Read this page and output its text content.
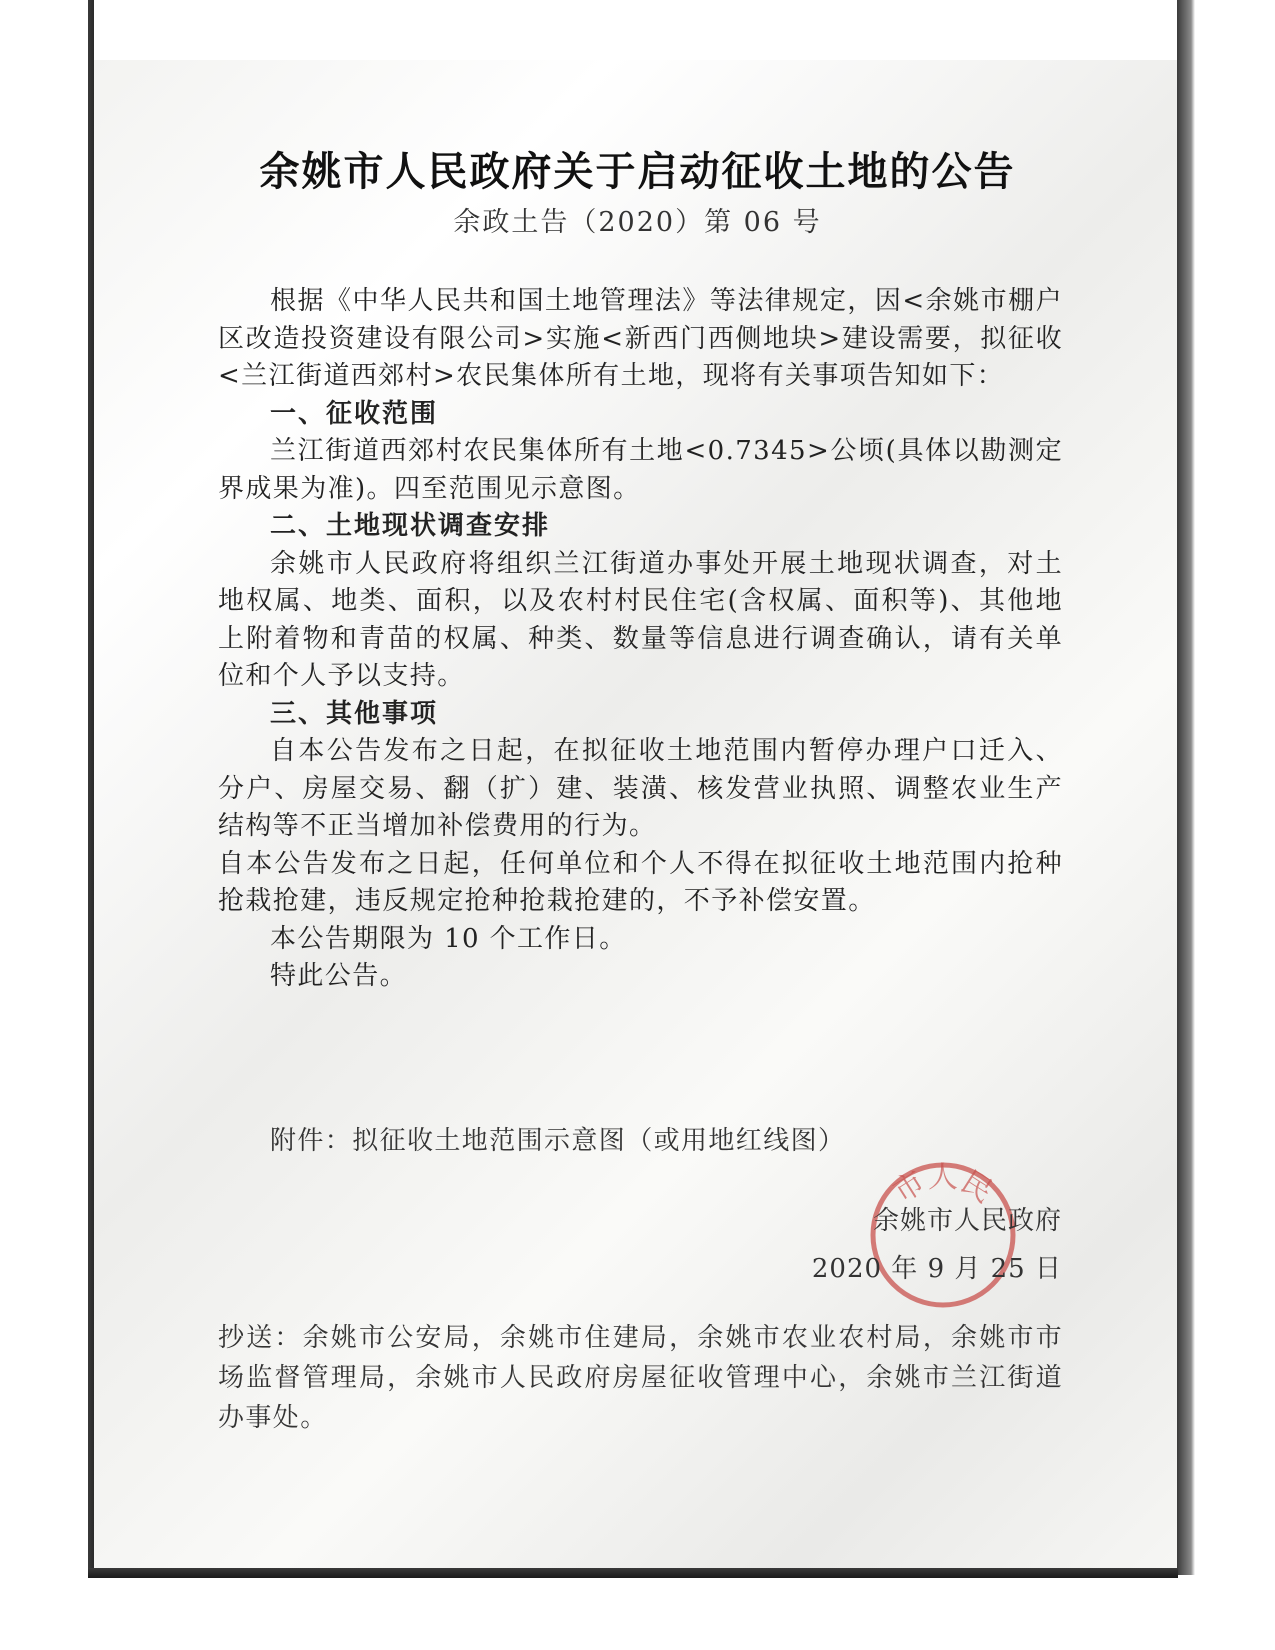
余姚市人民政府关于启动征收土地的公告
余政土告（2020）第 06 号

根据《中华人民共和国土地管理法》等法律规定，因<余姚市棚户区改造投资建设有限公司>实施<新西门西侧地块>建设需要，拟征收<兰江街道西郊村>农民集体所有土地，现将有关事项告知如下：

一、征收范围

兰江街道西郊村农民集体所有土地<0.7345>公顷(具体以勘测定界成果为准)。四至范围见示意图。

二、土地现状调查安排

余姚市人民政府将组织兰江街道办事处开展土地现状调查，对土地权属、地类、面积，以及农村村民住宅(含权属、面积等)、其他地上附着物和青苗的权属、种类、数量等信息进行调查确认，请有关单位和个人予以支持。

三、其他事项

自本公告发布之日起，在拟征收土地范围内暂停办理户口迁入、分户、房屋交易、翻（扩）建、装潢、核发营业执照、调整农业生产结构等不正当增加补偿费用的行为。

自本公告发布之日起，任何单位和个人不得在拟征收土地范围内抢种抢栽抢建，违反规定抢种抢栽抢建的，不予补偿安置。

本公告期限为 10 个工作日。

特此公告。

附件：拟征收土地范围示意图（或用地红线图）
市人民
余姚市人民政府
2020 年 9 月 25 日

抄送：余姚市公安局，余姚市住建局，余姚市农业农村局，余姚市市场监督管理局，余姚市人民政府房屋征收管理中心，余姚市兰江街道办事处。
